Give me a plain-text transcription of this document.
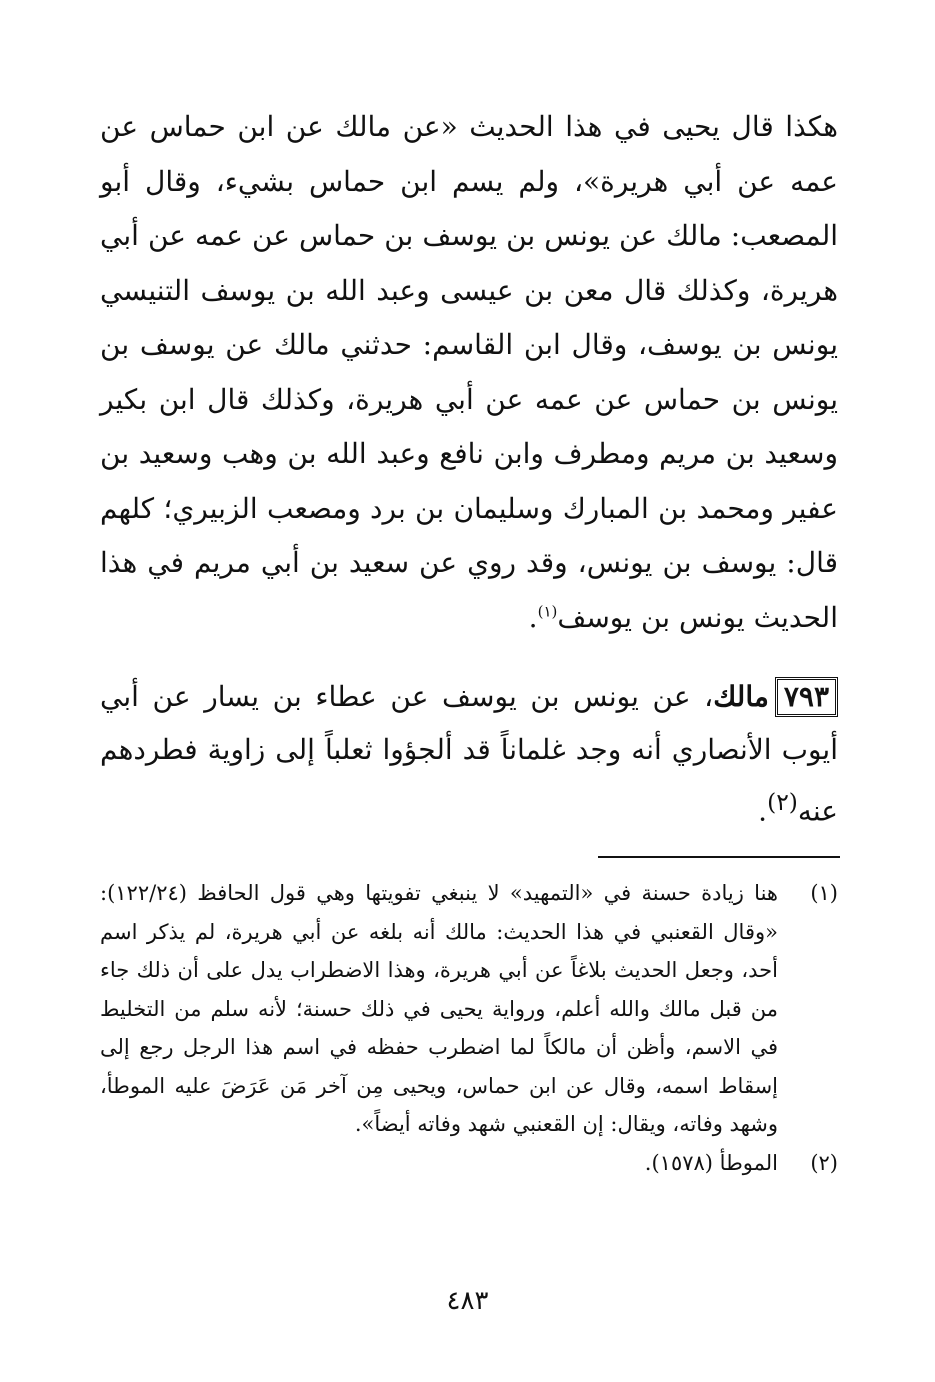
هكذا قال يحيى في هذا الحديث «عن مالك عن ابن حماس عن عمه عن أبي هريرة»، ولم يسم ابن حماس بشيء، وقال أبو المصعب: مالك عن يونس بن يوسف بن حماس عن عمه عن أبي هريرة، وكذلك قال معن بن عيسى وعبد الله بن يوسف التنيسي يونس بن يوسف، وقال ابن القاسم: حدثني مالك عن يوسف بن يونس بن حماس عن عمه عن أبي هريرة، وكذلك قال ابن بكير وسعيد بن مريم ومطرف وابن نافع وعبد الله بن وهب وسعيد بن عفير ومحمد بن المبارك وسليمان بن برد ومصعب الزبيري؛ كلهم قال: يوسف بن يونس، وقد روي عن سعيد بن أبي مريم في هذا الحديث يونس بن يوسف$^{(١)}$.

٧٩٣مالك، عن يونس بن يوسف عن عطاء بن يسار عن أبي أيوب الأنصاري أنه وجد غلماناً قد ألجؤوا ثعلباً إلى زاوية فطردهم عنه$^{(٢)}$.
(١)
هنا زيادة حسنة في «التمهيد» لا ينبغي تفويتها وهي قول الحافظ (١٢٢/٢٤): «وقال القعنبي في هذا الحديث: مالك أنه بلغه عن أبي هريرة، لم يذكر اسم أحد، وجعل الحديث بلاغاً عن أبي هريرة، وهذا الاضطراب يدل على أن ذلك جاء من قبل مالك والله أعلم، ورواية يحيى في ذلك حسنة؛ لأنه سلم من التخليط في الاسم، وأظن أن مالكاً لما اضطرب حفظه في اسم هذا الرجل رجع إلى إسقاط اسمه، وقال عن ابن حماس، ويحيى مِن آخر مَن عَرَضَ عليه الموطأ، وشهد وفاته، ويقال: إن القعنبي شهد وفاته أيضاً».
(٢)
الموطأ (١٥٧٨).
٤٨٣
